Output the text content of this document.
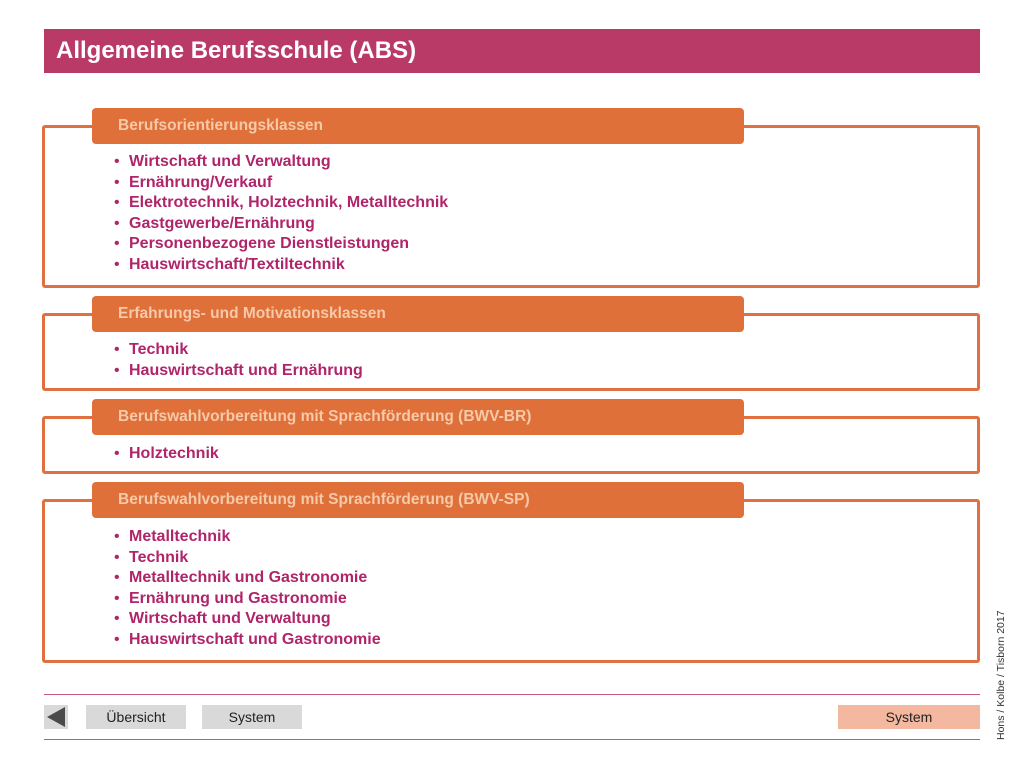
Allgemeine Berufsschule (ABS)
Berufsorientierungsklassen
• Wirtschaft und Verwaltung
• Ernährung/Verkauf
• Elektrotechnik, Holztechnik, Metalltechnik
• Gastgewerbe/Ernährung
• Personenbezogene Dienstleistungen
• Hauswirtschaft/Textiltechnik
Erfahrungs- und Motivationsklassen
• Technik
• Hauswirtschaft und Ernährung
Berufswahlvorbereitung mit Sprachförderung (BWV-BR)
• Holztechnik
Berufswahlvorbereitung mit Sprachförderung (BWV-SP)
• Metalltechnik
• Technik
• Metalltechnik und Gastronomie
• Ernährung und Gastronomie
• Wirtschaft und Verwaltung
• Hauswirtschaft und Gastronomie
Übersicht	System	System	Hons / Kolbe / Tisborn 2017
